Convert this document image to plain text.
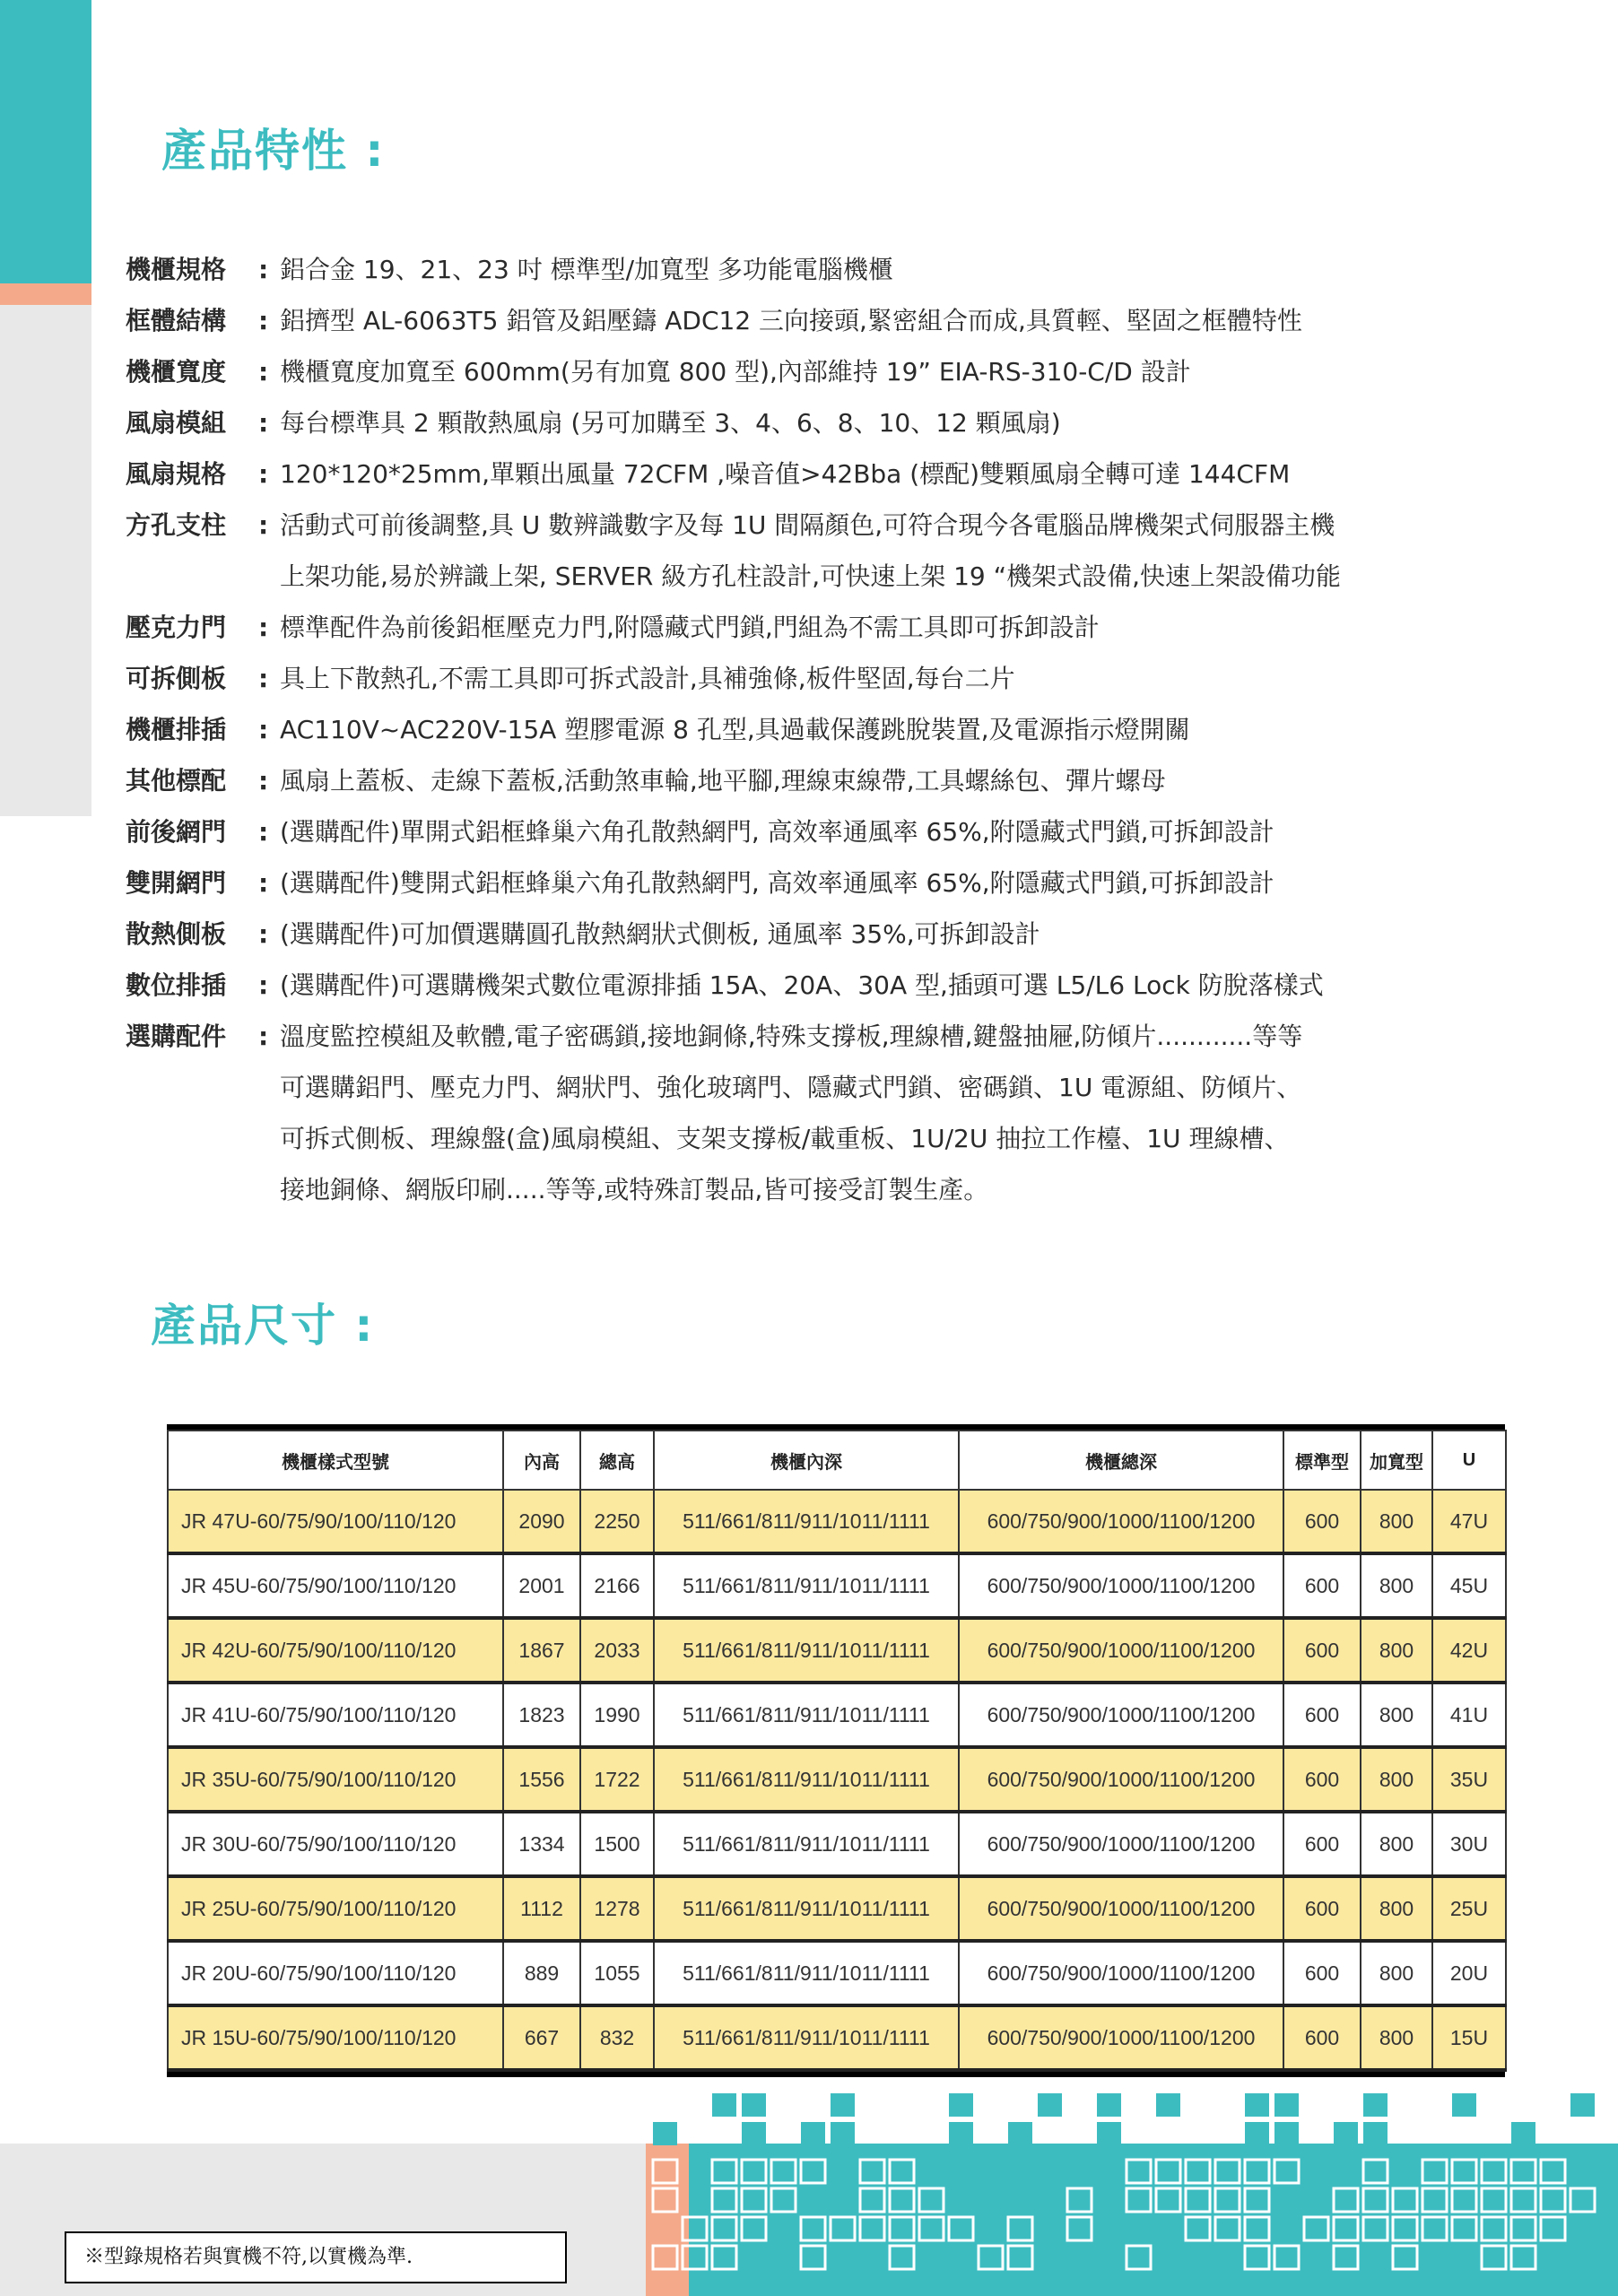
產品特性 :
機櫃規格	: 鋁合金 19、21、23 吋 標準型/加寬型 多功能電腦機櫃
框體結構	: 鋁擠型 AL-6063T5 鋁管及鋁壓鑄 ADC12 三向接頭,緊密組合而成,具質輕、堅固之框體特性
機櫃寬度	: 機櫃寬度加寬至 600mm(另有加寬 800 型),內部維持 19” EIA-RS-310-C/D 設計
風扇模組	: 每台標準具 2 顆散熱風扇 (另可加購至 3、4、6、8、10、12 顆風扇)
風扇規格	: 120*120*25mm,單顆出風量 72CFM ,噪音值>42Bba (標配)雙顆風扇全轉可達 144CFM
方孔支柱	: 活動式可前後調整,具 U 數辨識數字及每 1U 間隔顏色,可符合現今各電腦品牌機架式伺服器主機
上架功能,易於辨識上架, SERVER 級方孔柱設計,可快速上架 19 “機架式設備,快速上架設備功能
壓克力門	: 標準配件為前後鋁框壓克力門,附隱藏式門鎖,門組為不需工具即可拆卸設計
可拆側板	: 具上下散熱孔,不需工具即可拆式設計,具補強條,板件堅固,每台二片
機櫃排插	: AC110V~AC220V-15A 塑膠電源 8 孔型,具過載保護跳脫裝置,及電源指示燈開關
其他標配	: 風扇上蓋板、走線下蓋板,活動煞車輪,地平腳,理線束線帶,工具螺絲包、彈片螺母
前後網門	: (選購配件)單開式鋁框蜂巢六角孔散熱網門, 高效率通風率 65%,附隱藏式門鎖,可拆卸設計
雙開網門	: (選購配件)雙開式鋁框蜂巢六角孔散熱網門, 高效率通風率 65%,附隱藏式門鎖,可拆卸設計
散熱側板	: (選購配件)可加價選購圓孔散熱網狀式側板, 通風率 35%,可拆卸設計
數位排插	: (選購配件)可選購機架式數位電源排插 15A、20A、30A 型,插頭可選 L5/L6 Lock 防脫落樣式
選購配件	: 溫度監控模組及軟體,電子密碼鎖,接地銅條,特殊支撐板,理線槽,鍵盤抽屜,防傾片............等等
可選購鋁門、壓克力門、網狀門、強化玻璃門、隱藏式門鎖、密碼鎖、1U 電源組、防傾片、
可拆式側板、理線盤(盒)風扇模組、支架支撐板/載重板、1U/2U 抽拉工作檯、1U 理線槽、
接地銅條、網版印刷.....等等,或特殊訂製品,皆可接受訂製生產。
產品尺寸 :
機櫃樣式型號	內高	總高	機櫃內深	機櫃總深	標準型	加寬型	U
JR 47U-60/75/90/100/110/120	2090	2250	511/661/811/911/1011/1111	600/750/900/1000/1100/1200	600	800	47U
JR 45U-60/75/90/100/110/120	2001	2166	511/661/811/911/1011/1111	600/750/900/1000/1100/1200	600	800	45U
JR 42U-60/75/90/100/110/120	1867	2033	511/661/811/911/1011/1111	600/750/900/1000/1100/1200	600	800	42U
JR 41U-60/75/90/100/110/120	1823	1990	511/661/811/911/1011/1111	600/750/900/1000/1100/1200	600	800	41U
JR 35U-60/75/90/100/110/120	1556	1722	511/661/811/911/1011/1111	600/750/900/1000/1100/1200	600	800	35U
JR 30U-60/75/90/100/110/120	1334	1500	511/661/811/911/1011/1111	600/750/900/1000/1100/1200	600	800	30U
JR 25U-60/75/90/100/110/120	1112	1278	511/661/811/911/1011/1111	600/750/900/1000/1100/1200	600	800	25U
JR 20U-60/75/90/100/110/120	889	1055	511/661/811/911/1011/1111	600/750/900/1000/1100/1200	600	800	20U
JR 15U-60/75/90/100/110/120	667	832	511/661/811/911/1011/1111	600/750/900/1000/1100/1200	600	800	15U
※型錄規格若與實機不符,以實機為準.
